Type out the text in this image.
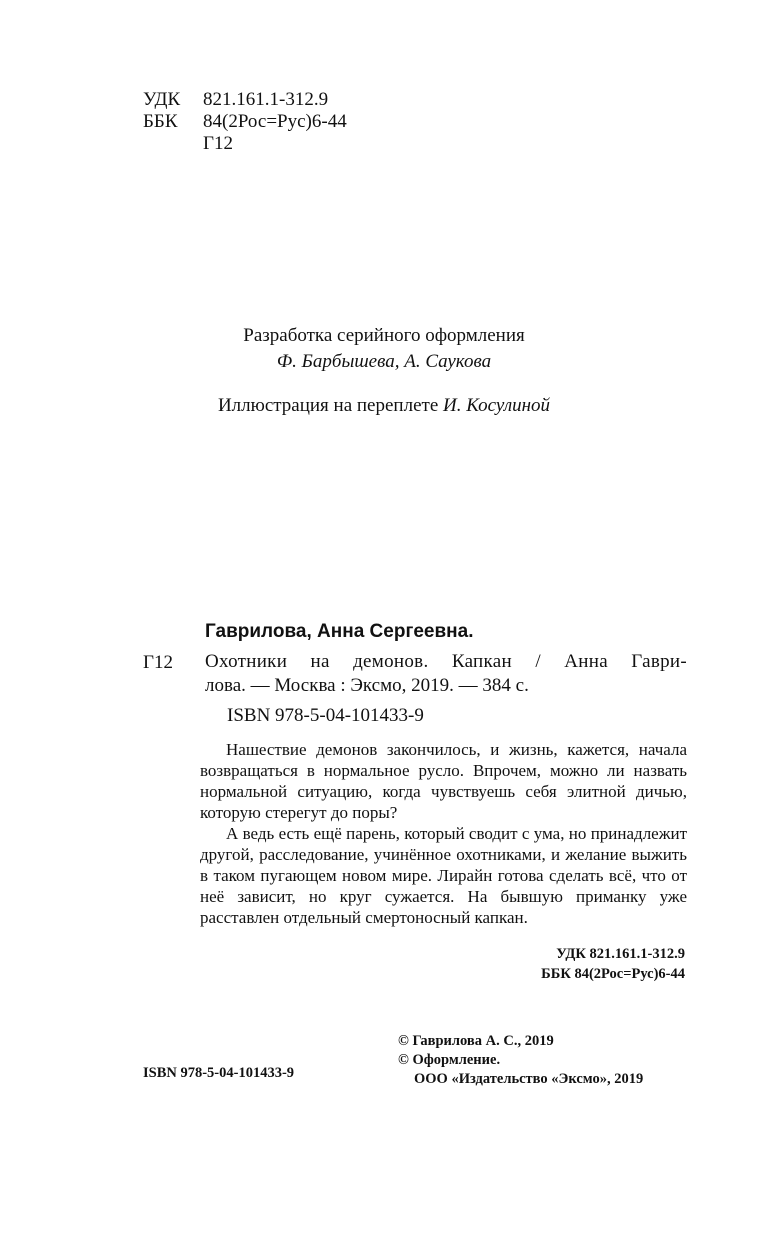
УДК 821.161.1-312.9
ББК 84(2Рос=Рус)6-44
Г12
Разработка серийного оформления
Ф. Барбышева, А. Саукова
Иллюстрация на переплете И. Косулиной
Гаврилова, Анна Сергеевна.
Г12 Охотники на демонов. Капкан / Анна Гаври-
лова. — Москва : Эксмо, 2019. — 384 с.
ISBN 978-5-04-101433-9

Нашествие демонов закончилось, и жизнь, кажется, начала возвращаться в нормальное русло. Впрочем, можно ли назвать нормальной ситуацию, когда чувствуешь себя элитной дичью, которую стерегут до поры?

А ведь есть ещё парень, который сводит с ума, но принадлежит другой, расследование, учинённое охотниками, и желание выжить в таком пугающем новом мире. Лирайн готова сделать всё, что от неё зависит, но круг сужается. На бывшую приманку уже расставлен отдельный смертоносный капкан.

УДК 821.161.1-312.9
ББК 84(2Рос=Рус)6-44
© Гаврилова А. С., 2019
© Оформление.
ООО «Издательство «Эксмо», 2019
ISBN 978-5-04-101433-9
